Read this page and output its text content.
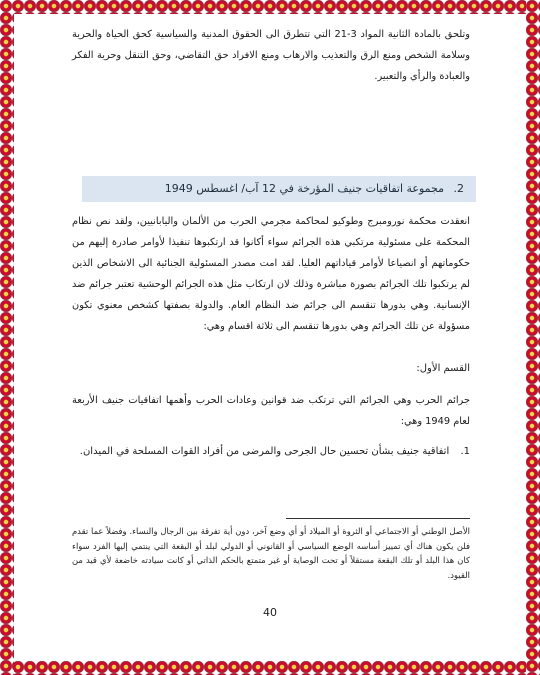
وتلحق بالمادة الثانية المواد 3-21 التي تتطرق الى الحقوق المدنية والسياسية كحق الحياة والحرية وسلامة الشخص ومنع الرق والتعذيب والارهاب ومنع الافراد حق التقاضي، وحق التنقل وحرية الفكر والعبادة والرأي والتعبير.

2. مجموعة اتفاقيات جنيف المؤرخة في 12 آب/ اغسطس 1949

انعقدت محكمة نورومبرج وطوكيو لمحاكمة مجرمي الحرب من الألمان واليابانيين، ولقد نص نظام المحكمة على مسئولية مرتكبي هذه الجرائم سواء أكانوا قد ارتكبوها تنفيذا لأوامر صادرة إليهم من حكوماتهم أو انصياعا لأوامر قياداتهم العليا. لقد امت مصدر المسئولية الجنائية الى الاشخاص الذين لم يرتكبوا تلك الجرائم بصورة مباشرة وذلك لان ارتكاب مثل هذه الجرائم الوحشية تعتبر جرائم ضد الإنسانية. وهي بدورها تنقسم الى جرائم ضد النظام العام. والدولة بصفتها كشخص معنوي تكون مسؤولة عن تلك الجرائم وهي بدورها تنقسم الى ثلاثة اقسام وهي:

القسم الأول:

جرائم الحرب وهي الجرائم التي ترتكب ضد قوانين وعادات الحرب وأهمها اتفاقيات جنيف الأربعة لعام 1949 وهي:

1. اتفاقية جنيف بشأن تحسين حال الجرحى والمرضى من أفراد القوات المسلحة في الميدان.

الأصل الوطني أو الاجتماعي أو الثروة أو الميلاد أو أي وضع آخر، دون أية تفرقة بين الرجال والنساء. وفضلاً عما تقدم فلن يكون هناك أي تمييز أساسه الوضع السياسي أو القانوني أو الدولي لبلد أو البقعة التي ينتمي إليها الفرد سواء كان هذا البلد أو تلك البقعة مستقلاً أو تحت الوصاية أو غير متمتع بالحكم الذاتي أو كانت سيادته خاضعة لأي قيد من القيود.

40
